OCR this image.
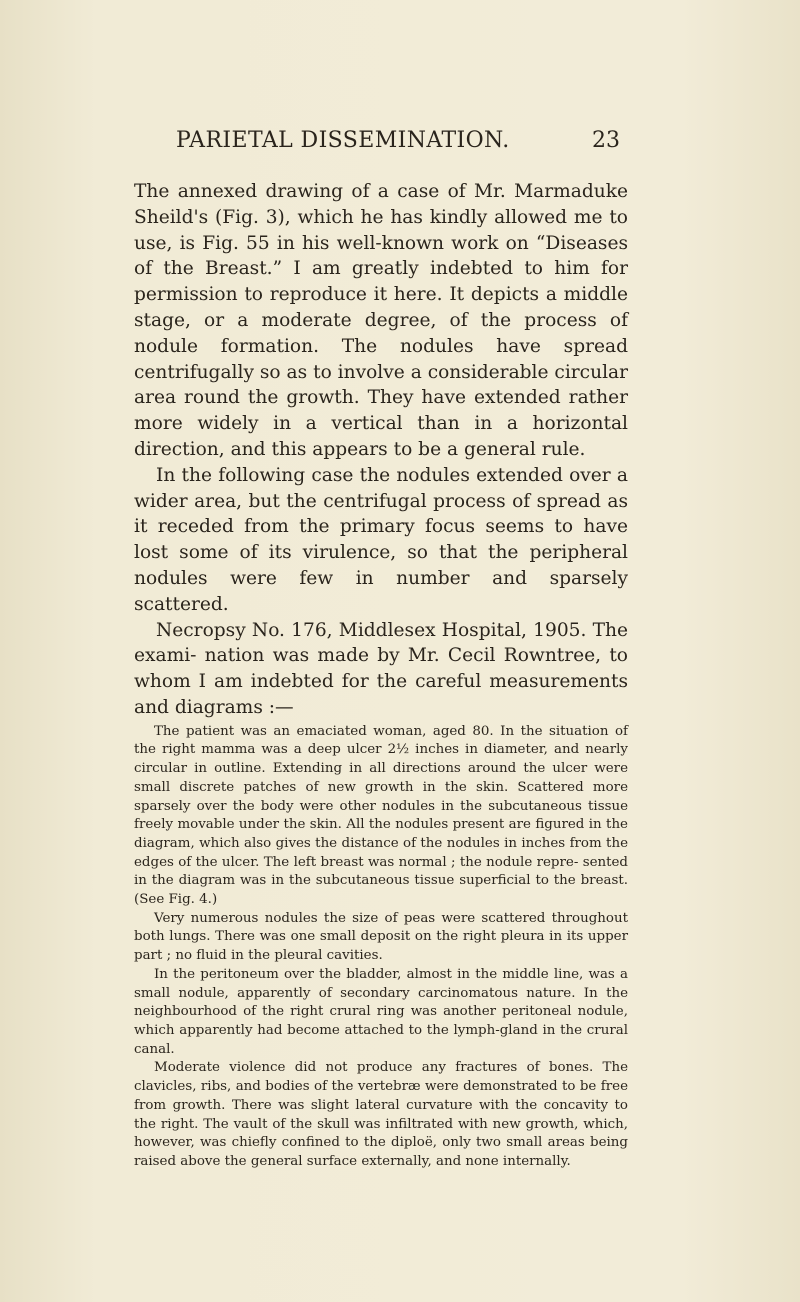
PARIETAL DISSEMINATION.	23

The annexed drawing of a case of Mr. Marmaduke Sheild's (Fig. 3), which he has kindly allowed me to use, is Fig. 55 in his well-known work on “Diseases of the Breast.” I am greatly indebted to him for permission to reproduce it here. It depicts a middle stage, or a moderate degree, of the process of nodule formation. The nodules have spread centrifugally so as to involve a considerable circular area round the growth. They have extended rather more widely in a vertical than in a horizontal direction, and this appears to be a general rule.

In the following case the nodules extended over a wider area, but the centrifugal process of spread as it receded from the primary focus seems to have lost some of its virulence, so that the peripheral nodules were few in number and sparsely scattered.

Necropsy No. 176, Middlesex Hospital, 1905. The exami- nation was made by Mr. Cecil Rowntree, to whom I am indebted for the careful measurements and diagrams :—

The patient was an emaciated woman, aged 80. In the situation of the right mamma was a deep ulcer 2½ inches in diameter, and nearly circular in outline. Extending in all directions around the ulcer were small discrete patches of new growth in the skin. Scattered more sparsely over the body were other nodules in the subcutaneous tissue freely movable under the skin. All the nodules present are figured in the diagram, which also gives the distance of the nodules in inches from the edges of the ulcer. The left breast was normal ; the nodule repre- sented in the diagram was in the subcutaneous tissue superficial to the breast. (See Fig. 4.)

Very numerous nodules the size of peas were scattered throughout both lungs. There was one small deposit on the right pleura in its upper part ; no fluid in the pleural cavities.

In the peritoneum over the bladder, almost in the middle line, was a small nodule, apparently of secondary carcinomatous nature. In the neighbourhood of the right crural ring was another peritoneal nodule, which apparently had become attached to the lymph-gland in the crural canal.

Moderate violence did not produce any fractures of bones. The clavicles, ribs, and bodies of the vertebræ were demonstrated to be free from growth. There was slight lateral curvature with the concavity to the right. The vault of the skull was infiltrated with new growth, which, however, was chiefly confined to the diploë, only two small areas being raised above the general surface externally, and none internally.
